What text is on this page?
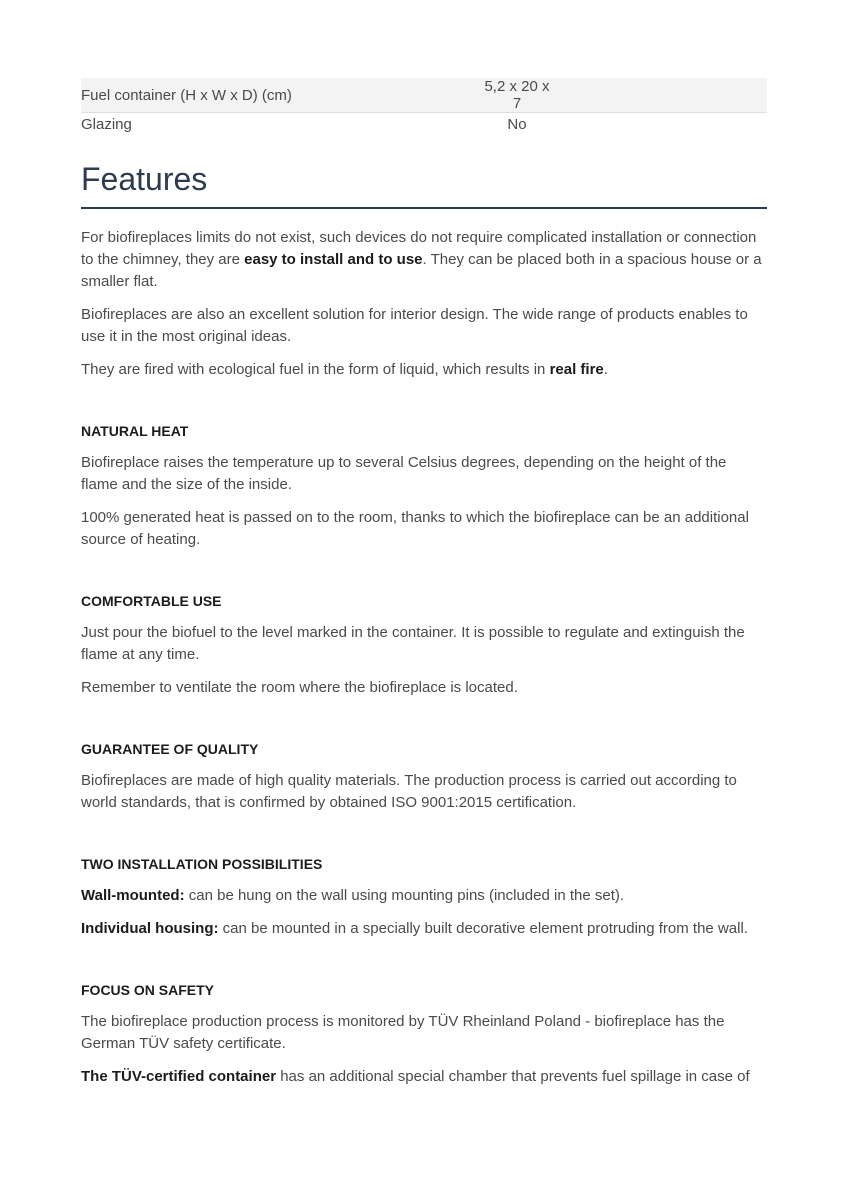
Fuel container (H x W x D) (cm)	5,2 x 20 x 7
Glazing	No
Features

For biofireplaces limits do not exist, such devices do not require complicated installation or connection to the chimney, they are easy to install and to use. They can be placed both in a spacious house or a smaller flat.

Biofireplaces are also an excellent solution for interior design. The wide range of products enables to use it in the most original ideas.

They are fired with ecological fuel in the form of liquid, which results in real fire.

NATURAL HEAT

Biofireplace raises the temperature up to several Celsius degrees, depending on the height of the flame and the size of the inside.

100% generated heat is passed on to the room, thanks to which the biofireplace can be an additional source of heating.

COMFORTABLE USE

Just pour the biofuel to the level marked in the container. It is possible to regulate and extinguish the flame at any time.

Remember to ventilate the room where the biofireplace is located.

GUARANTEE OF QUALITY

Biofireplaces are made of high quality materials. The production process is carried out according to world standards, that is confirmed by obtained ISO 9001:2015 certification.

TWO INSTALLATION POSSIBILITIES

Wall-mounted: can be hung on the wall using mounting pins (included in the set).

Individual housing: can be mounted in a specially built decorative element protruding from the wall.

FOCUS ON SAFETY

The biofireplace production process is monitored by TÜV Rheinland Poland - biofireplace has the German TÜV safety certificate.

The TÜV-certified container has an additional special chamber that prevents fuel spillage in case of
